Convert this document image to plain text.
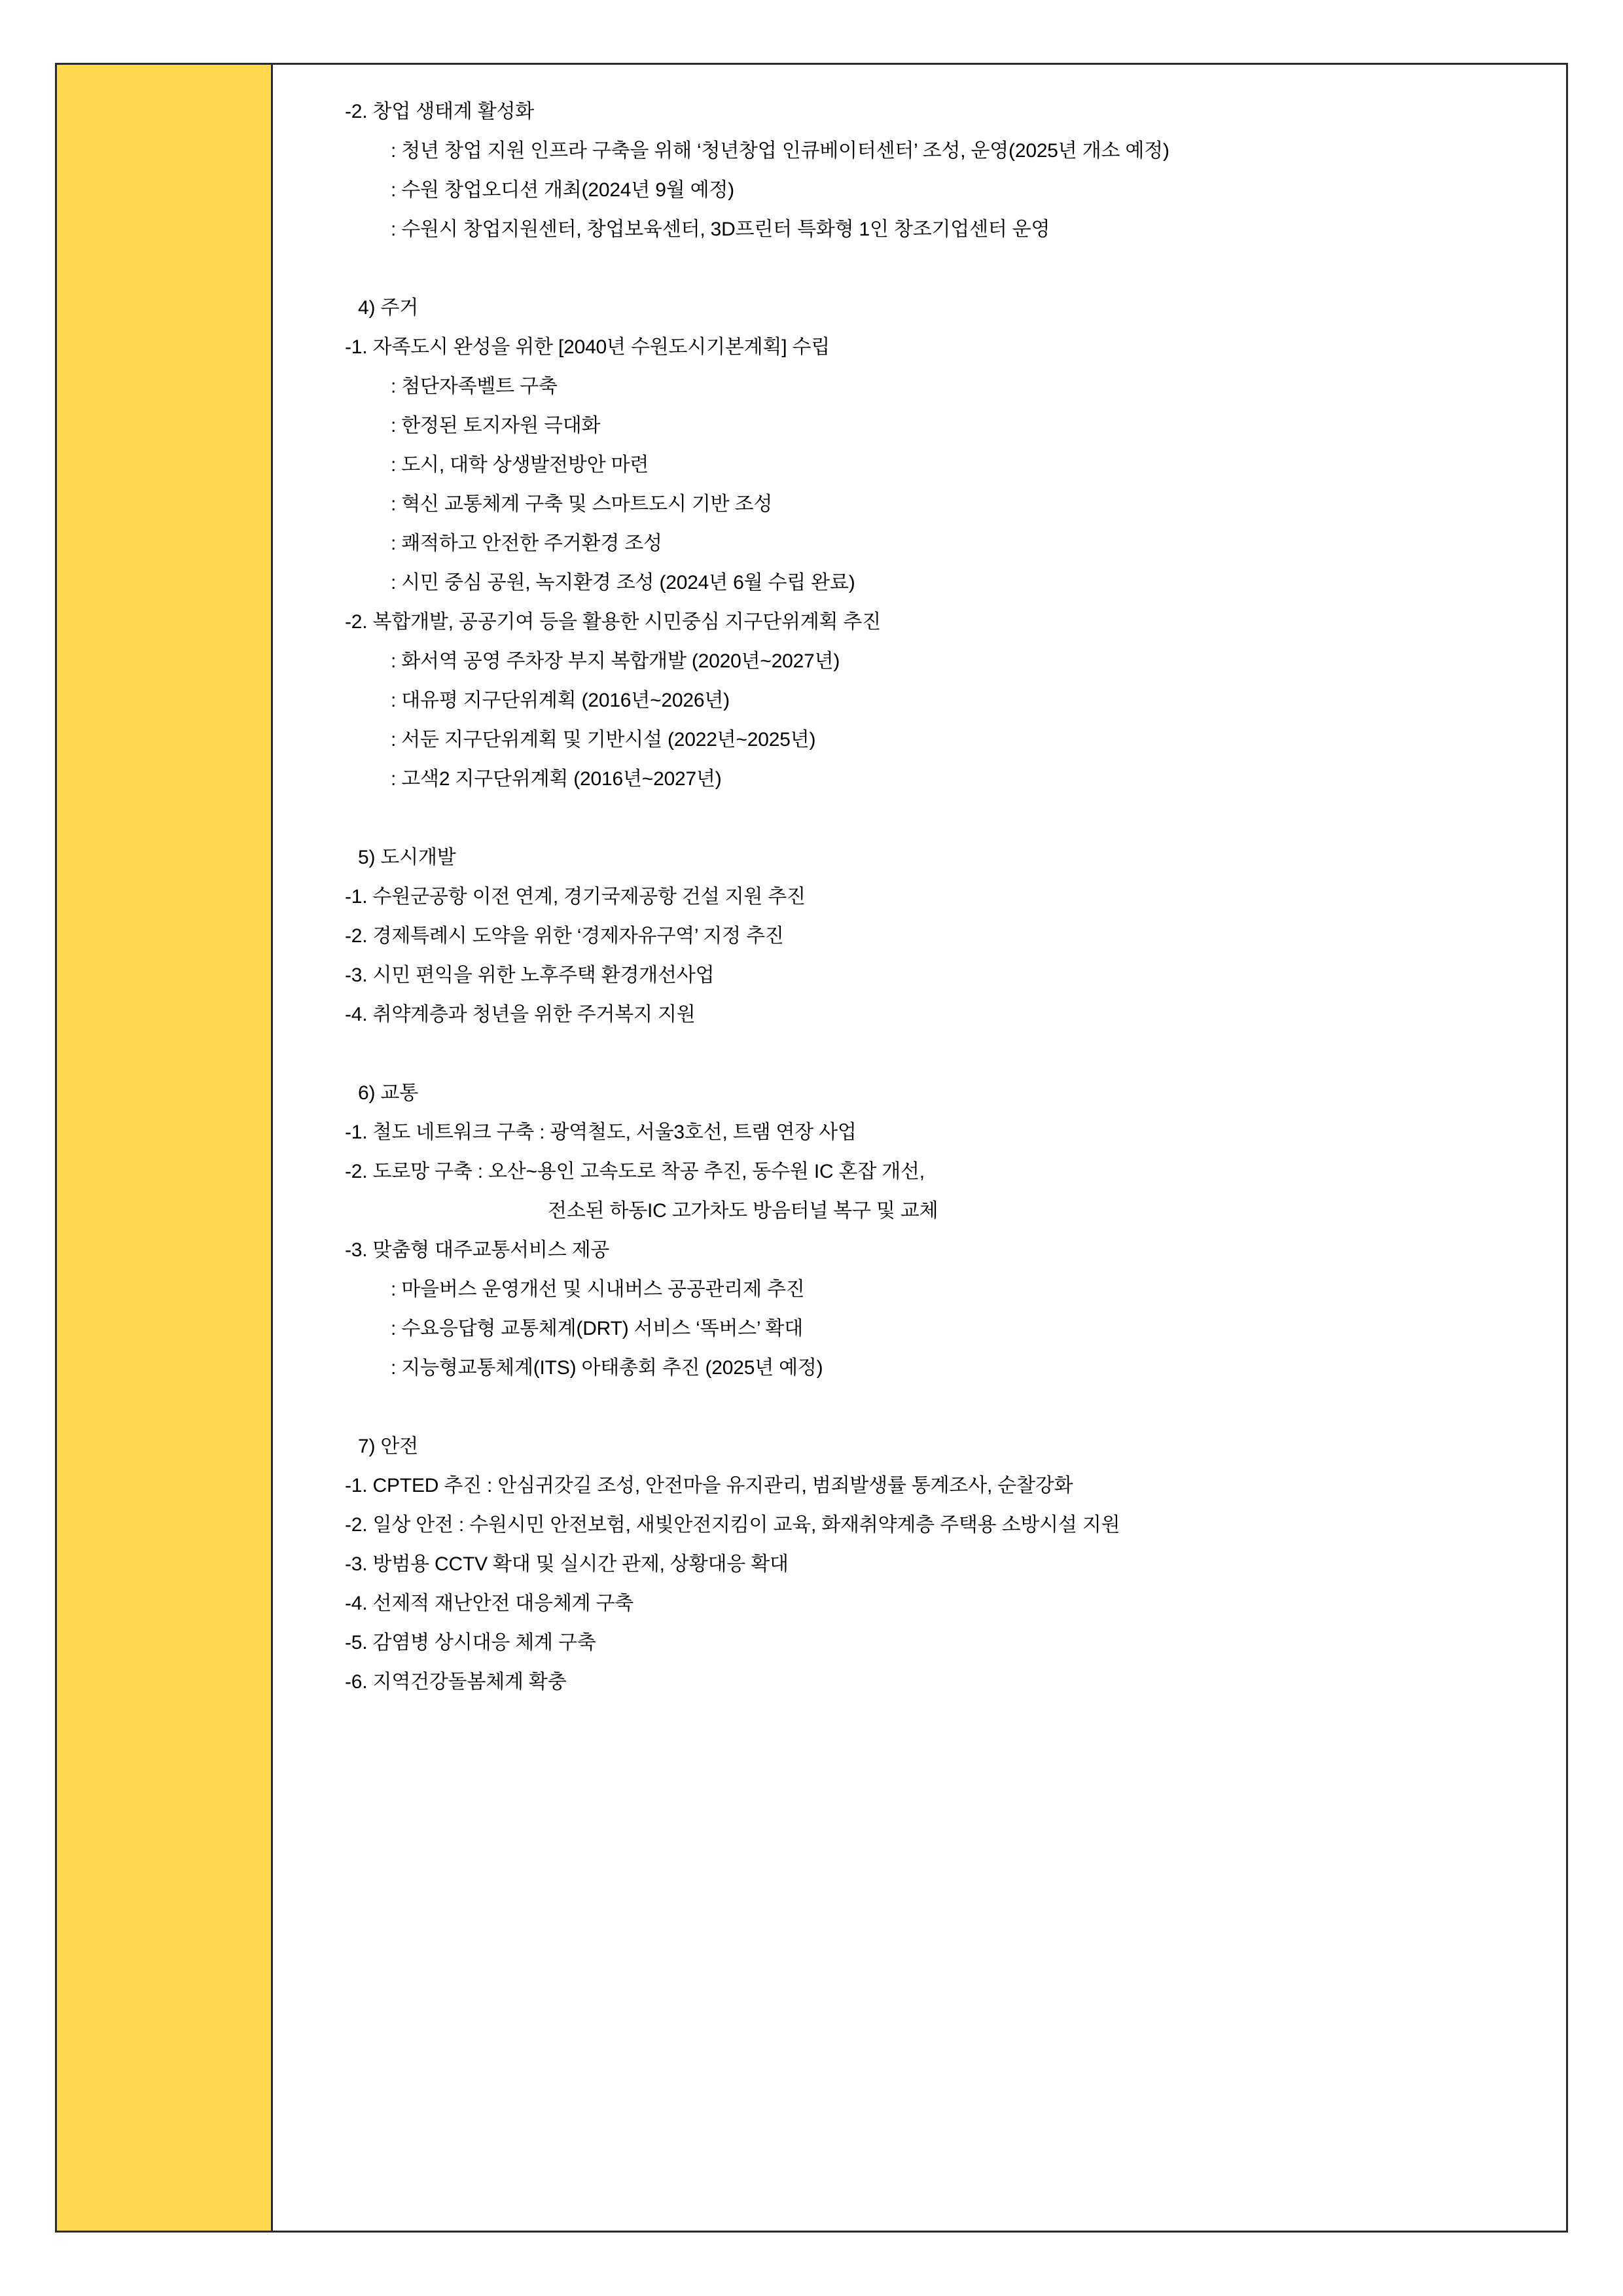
-2. 창업 생태계 활성화
: 청년 창업 지원 인프라 구축을 위해 ‘청년창업 인큐베이터센터’ 조성, 운영(2025년 개소 예정)
: 수원 창업오디션 개최(2024년 9월 예정)
: 수원시 창업지원센터, 창업보육센터, 3D프린터 특화형 1인 창조기업센터 운영
4) 주거
-1. 자족도시 완성을 위한 [2040년 수원도시기본계획] 수립
: 첨단자족벨트 구축
: 한정된 토지자원 극대화
: 도시, 대학 상생발전방안 마련
: 혁신 교통체계 구축 및 스마트도시 기반 조성
: 쾌적하고 안전한 주거환경 조성
: 시민 중심 공원, 녹지환경 조성 (2024년 6월 수립 완료)
-2. 복합개발, 공공기여 등을 활용한 시민중심 지구단위계획 추진
: 화서역 공영 주차장 부지 복합개발 (2020년~2027년)
: 대유평 지구단위계획 (2016년~2026년)
: 서둔 지구단위계획 및 기반시설 (2022년~2025년)
: 고색2 지구단위계획 (2016년~2027년)
5) 도시개발
-1. 수원군공항 이전 연계, 경기국제공항 건설 지원 추진
-2. 경제특례시 도약을 위한 ‘경제자유구역’ 지정 추진
-3. 시민 편익을 위한 노후주택 환경개선사업
-4. 취약계층과 청년을 위한 주거복지 지원
6) 교통
-1. 철도 네트워크 구축 : 광역철도, 서울3호선, 트램 연장 사업
-2. 도로망 구축 : 오산~용인 고속도로 착공 추진, 동수원 IC 혼잡 개선,
전소된 하동IC 고가차도 방음터널 복구 및 교체
-3. 맞춤형 대주교통서비스 제공
: 마을버스 운영개선 및 시내버스 공공관리제 추진
: 수요응답형 교통체계(DRT) 서비스 ‘똑버스’ 확대
: 지능형교통체계(ITS) 아태총회 추진 (2025년 예정)
7) 안전
-1. CPTED 추진 : 안심귀갓길 조성, 안전마을 유지관리, 범죄발생률 통계조사, 순찰강화
-2. 일상 안전 : 수원시민 안전보험, 새빛안전지킴이 교육, 화재취약계층 주택용 소방시설 지원
-3. 방범용 CCTV 확대 및 실시간 관제, 상황대응 확대
-4. 선제적 재난안전 대응체계 구축
-5. 감염병 상시대응 체계 구축
-6. 지역건강돌봄체계 확충
